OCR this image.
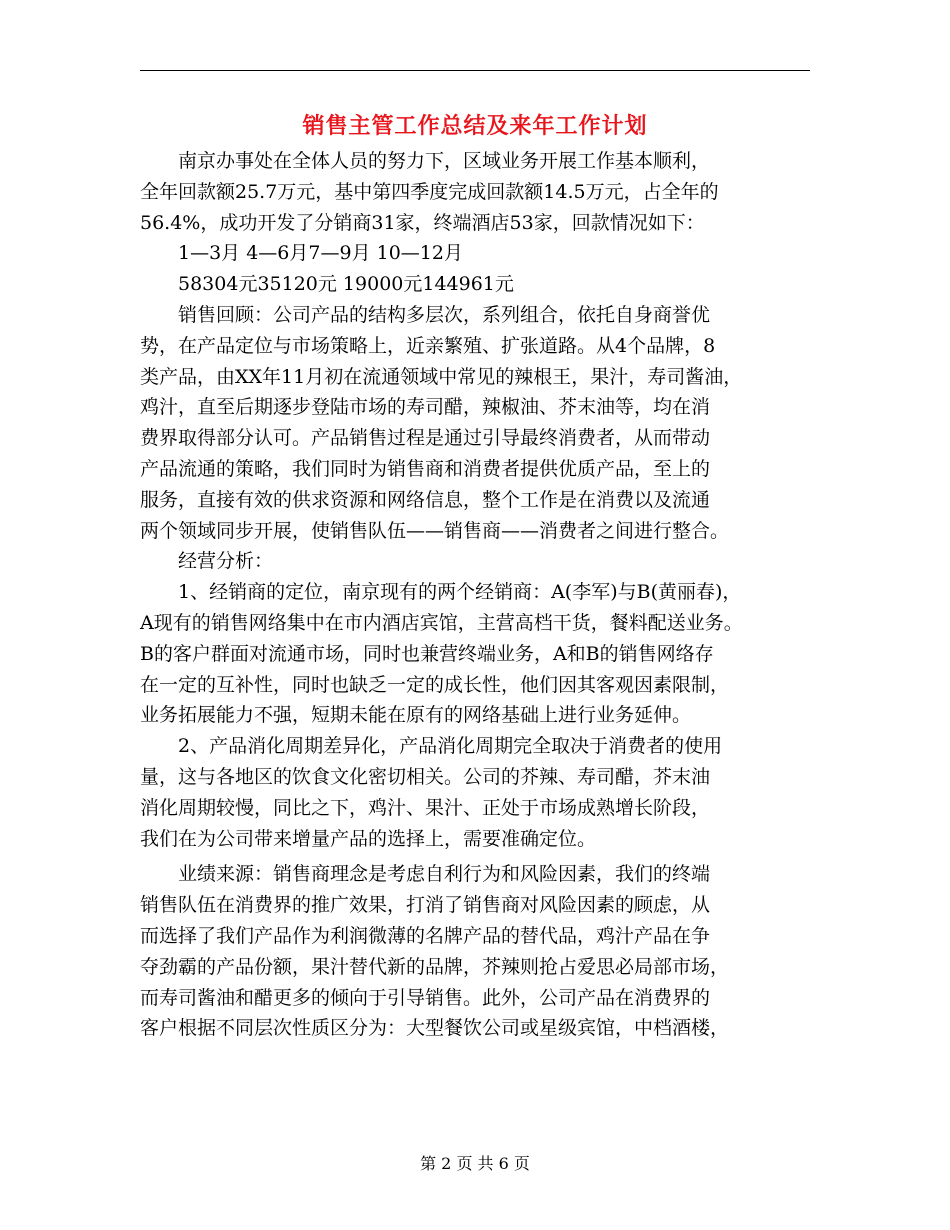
销售主管工作总结及来年工作计划
　　南京办事处在全体人员的努力下，区域业务开展工作基本顺利，
全年回款额25.7万元，基中第四季度完成回款额14.5万元，占全年的
56.4%，成功开发了分销商31家，终端酒店53家，回款情况如下：
　　1—3月 4—6月7—9月 10—12月
　　58304元35120元 19000元144961元
　　销售回顾：公司产品的结构多层次，系列组合，依托自身商誉优
势，在产品定位与市场策略上，近亲繁殖、扩张道路。从4个品牌，8
类产品，由XX年11月初在流通领域中常见的辣根王，果汁，寿司酱油，
鸡汁，直至后期逐步登陆市场的寿司醋，辣椒油、芥末油等，均在消
费界取得部分认可。产品销售过程是通过引导最终消费者，从而带动
产品流通的策略，我们同时为销售商和消费者提供优质产品，至上的
服务，直接有效的供求资源和网络信息，整个工作是在消费以及流通
两个领域同步开展，使销售队伍——销售商——消费者之间进行整合。
　　经营分析：
　　1、经销商的定位，南京现有的两个经销商：A(李军)与B(黄丽春)，
A现有的销售网络集中在市内酒店宾馆，主营高档干货，餐料配送业务。
B的客户群面对流通市场，同时也兼营终端业务，A和B的销售网络存
在一定的互补性，同时也缺乏一定的成长性，他们因其客观因素限制，
业务拓展能力不强，短期未能在原有的网络基础上进行业务延伸。
　　2、产品消化周期差异化，产品消化周期完全取决于消费者的使用
量，这与各地区的饮食文化密切相关。公司的芥辣、寿司醋，芥末油
消化周期较慢，同比之下，鸡汁、果汁、正处于市场成熟增长阶段，
我们在为公司带来增量产品的选择上，需要准确定位。
　　业绩来源：销售商理念是考虑自利行为和风险因素，我们的终端
销售队伍在消费界的推广效果，打消了销售商对风险因素的顾虑，从
而选择了我们产品作为利润微薄的名牌产品的替代品，鸡汁产品在争
夺劲霸的产品份额，果汁替代新的品牌，芥辣则抢占爱思必局部市场，
而寿司酱油和醋更多的倾向于引导销售。此外，公司产品在消费界的
客户根据不同层次性质区分为：大型餐饮公司或星级宾馆，中档酒楼，
第 2 页 共 6 页
